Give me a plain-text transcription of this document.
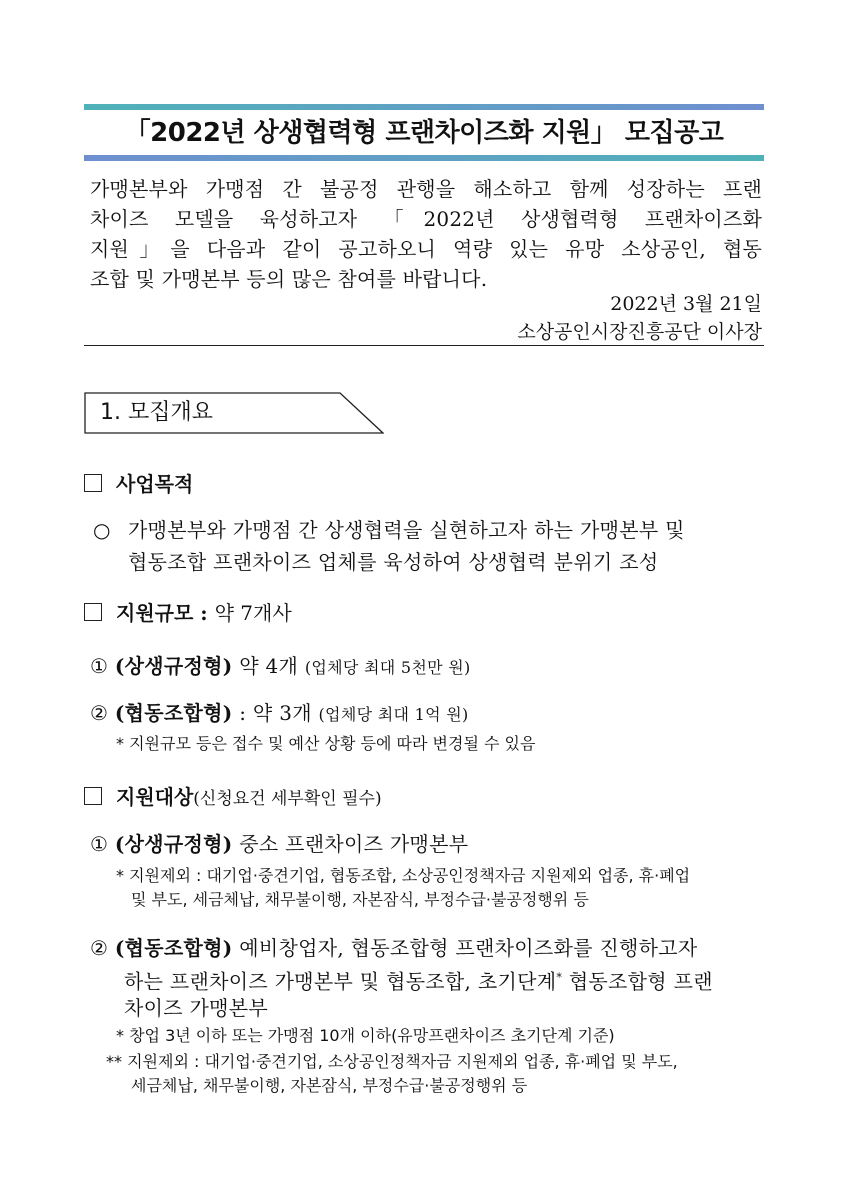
「2022년 상생협력형 프랜차이즈화 지원」 모집공고
가맹본부와 가맹점 간 불공정 관행을 해소하고 함께 성장하는 프랜
차이즈 모델을 육성하고자 「2022년 상생협력형 프랜차이즈화
지원」을 다음과 같이 공고하오니 역량 있는 유망 소상공인, 협동
조합 및 가맹본부 등의 많은 참여를 바랍니다.
2022년 3월 21일
소상공인시장진흥공단 이사장
1. 모집개요
사업목적
○ 가맹본부와 가맹점 간 상생협력을 실현하고자 하는 가맹본부 및
협동조합 프랜차이즈 업체를 육성하여 상생협력 분위기 조성
지원규모 : 약 7개사
① (상생규정형) 약 4개 (업체당 최대 5천만 원)
② (협동조합형) : 약 3개 (업체당 최대 1억 원)
* 지원규모 등은 접수 및 예산 상황 등에 따라 변경될 수 있음
지원대상(신청요건 세부확인 필수)
① (상생규정형) 중소 프랜차이즈 가맹본부
* 지원제외 : 대기업·중견기업, 협동조합, 소상공인정책자금 지원제외 업종, 휴·폐업
및 부도, 세금체납, 채무불이행, 자본잠식, 부정수급·불공정행위 등
② (협동조합형) 예비창업자, 협동조합형 프랜차이즈화를 진행하고자
하는 프랜차이즈 가맹본부 및 협동조합, 초기단계* 협동조합형 프랜
차이즈 가맹본부
* 창업 3년 이하 또는 가맹점 10개 이하(유망프랜차이즈 초기단계 기준)
** 지원제외 : 대기업·중견기업, 소상공인정책자금 지원제외 업종, 휴·폐업 및 부도,
세금체납, 채무불이행, 자본잠식, 부정수급·불공정행위 등
